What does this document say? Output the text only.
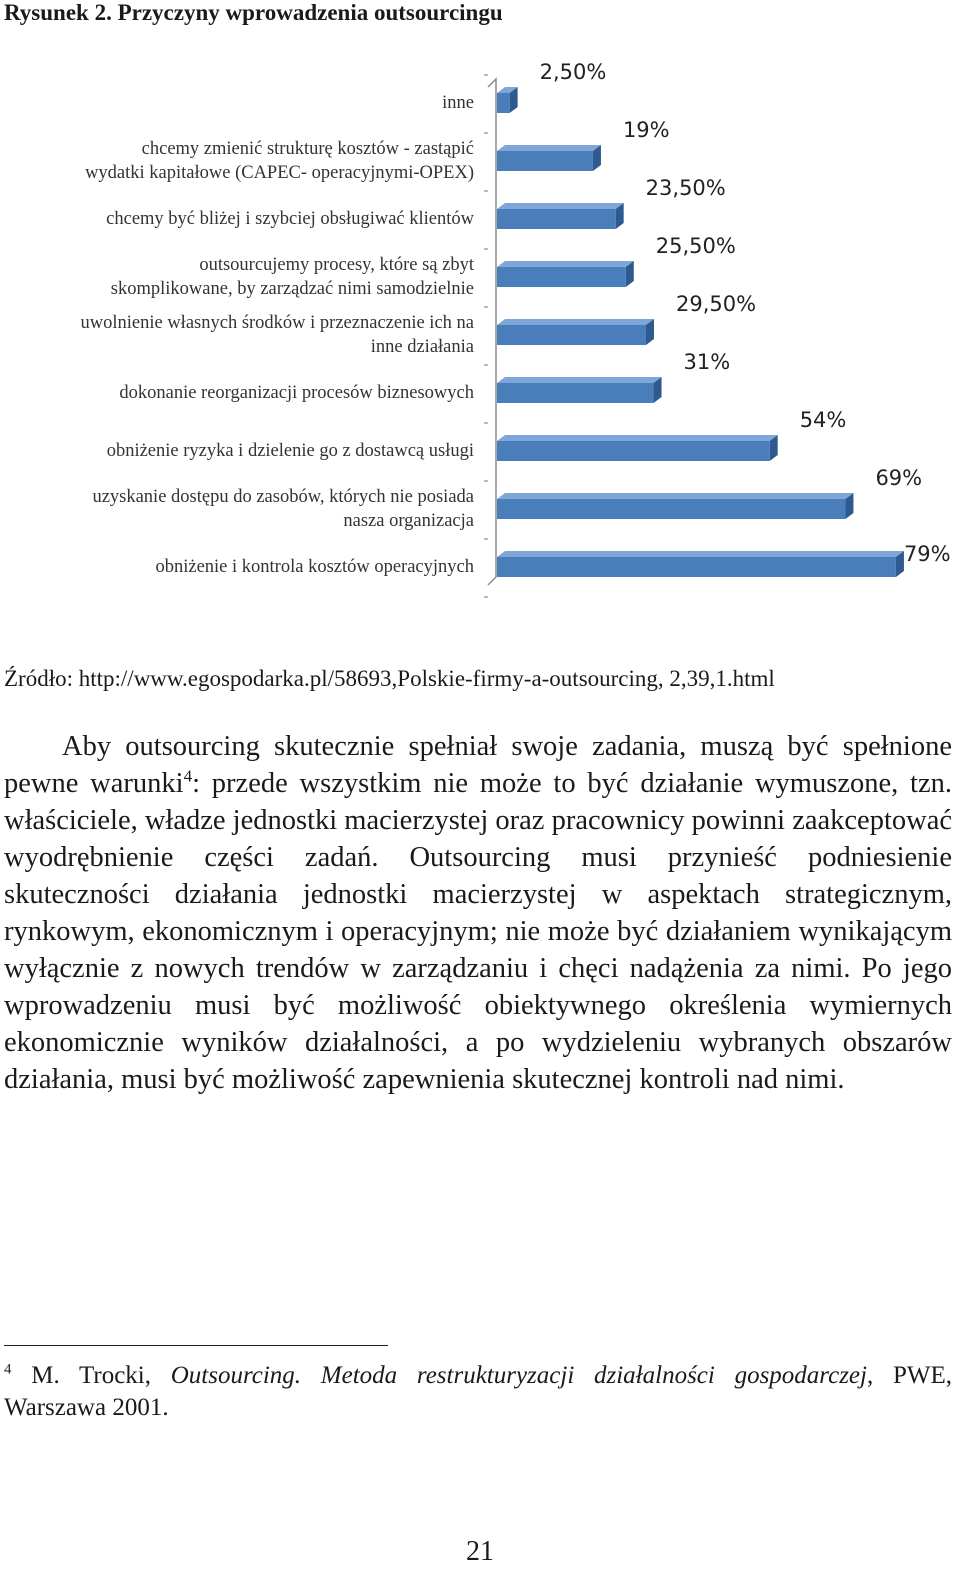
Rysunek 2. Przyczyny wprowadzenia outsourcingu
inne
chcemy zmienić strukturę kosztów - zastąpić
wydatki kapitałowe (CAPEC- operacyjnymi-OPEX)
chcemy być bliżej i szybciej obsługiwać klientów
outsourcujemy procesy, które są zbyt
skomplikowane, by zarządzać nimi samodzielnie
uwolnienie własnych środków i przeznaczenie ich na
inne działania
dokonanie reorganizacji procesów biznesowych
obniżenie ryzyka i dzielenie go z dostawcą usługi
uzyskanie dostępu do zasobów, których nie posiada
nasza organizacja
obniżenie i kontrola kosztów operacyjnych
2,50%
19%
23,50%
25,50%
29,50%
31%
54%
69%
79%
Źródło: http://www.egospodarka.pl/58693,Polskie-firmy-a-outsourcing, 2,39,1.html
Aby outsourcing skutecznie spełniał swoje zadania, muszą być spełnione pewne warunki$^4$: przede wszystkim nie może to być działanie wymuszone, tzn. właściciele, władze jednostki macierzystej oraz pracownicy powinni zaakceptować wyodrębnienie części zadań. Outsourcing musi przynieść podniesienie skuteczności działania jednostki macierzystej w aspektach strategicznym, rynkowym, ekonomicznym i operacyjnym; nie może być działaniem wynikającym wyłącznie z nowych trendów w zarządzaniu i chęci nadążenia za nimi. Po jego wprowadzeniu musi być możliwość obiektywnego określenia wymiernych ekonomicznie wyników działalności, a po wydzieleniu wybranych obszarów działania, musi być możliwość zapewnienia skutecznej kontroli nad nimi.
$^4$ M. Trocki, Outsourcing. Metoda restrukturyzacji działalności gospodarczej, PWE, Warszawa 2001.
21
